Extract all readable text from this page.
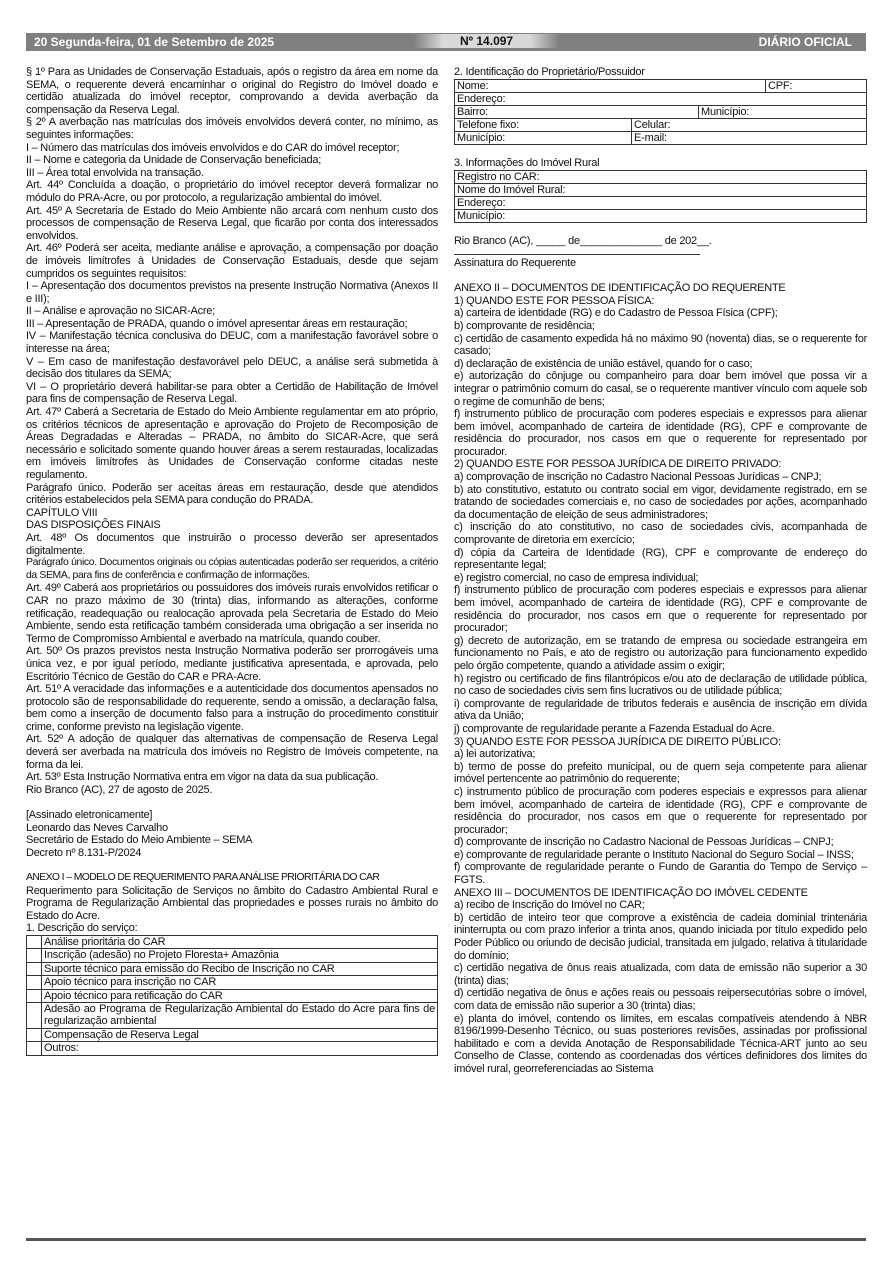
20 Segunda-feira, 01 de Setembro de 2025	Nº 14.097	DIÁRIO OFICIAL

§ 1º Para as Unidades de Conservação Estaduais, após o registro da área em nome da SEMA, o requerente deverá encaminhar o original do Registro do Imóvel doado e certidão atualizada do imóvel receptor, comprovando a devida averbação da compensação da Reserva Legal.

§ 2º A averbação nas matrículas dos imóveis envolvidos deverá conter, no mínimo, as seguintes informações:

I – Número das matrículas dos imóveis envolvidos e do CAR do imóvel receptor;

II – Nome e categoria da Unidade de Conservação beneficiada;

III – Área total envolvida na transação.

Art. 44º Concluída a doação, o proprietário do imóvel receptor deverá formalizar no módulo do PRA-Acre, ou por protocolo, a regularização ambiental do imóvel.

Art. 45º A Secretaria de Estado do Meio Ambiente não arcará com nenhum custo dos processos de compensação de Reserva Legal, que ficarão por conta dos interessados envolvidos.

Art. 46º Poderá ser aceita, mediante análise e aprovação, a compensação por doação de imóveis limítrofes à Unidades de Conservação Estaduais, desde que sejam cumpridos os seguintes requisitos:

I – Apresentação dos documentos previstos na presente Instrução Normativa (Anexos II e III);

II – Análise e aprovação no SICAR-Acre;

III – Apresentação de PRADA, quando o imóvel apresentar áreas em restauração;

IV – Manifestação técnica conclusiva do DEUC, com a manifestação favorável sobre o interesse na área;

V – Em caso de manifestação desfavorável pelo DEUC, a análise será submetida à decisão dos titulares da SEMA;

VI – O proprietário deverá habilitar-se para obter a Certidão de Habilitação de Imóvel para fins de compensação de Reserva Legal.

Art. 47º Caberá a Secretaria de Estado do Meio Ambiente regulamentar em ato próprio, os critérios técnicos de apresentação e aprovação do Projeto de Recomposição de Áreas Degradadas e Alteradas – PRADA, no âmbito do SICAR-Acre, que será necessário e solicitado somente quando houver áreas a serem restauradas, localizadas em imóveis limítrofes às Unidades de Conservação conforme citadas neste regulamento.

Parágrafo único. Poderão ser aceitas áreas em restauração, desde que atendidos critérios estabelecidos pela SEMA para condução do PRADA.

CAPÍTULO VIII

DAS DISPOSIÇÕES FINAIS

Art. 48º Os documentos que instruirão o processo deverão ser apresentados digitalmente.

Parágrafo único. Documentos originais ou cópias autenticadas poderão ser requeridos, a critério da SEMA, para fins de conferência e confirmação de informações.

Art. 49º Caberá aos proprietários ou possuidores dos imóveis rurais envolvidos retificar o CAR no prazo máximo de 30 (trinta) dias, informando as alterações, conforme retificação, readequação ou realocação aprovada pela Secretaria de Estado do Meio Ambiente, sendo esta retificação também considerada uma obrigação a ser inserida no Termo de Compromisso Ambiental e averbado na matrícula, quando couber.

Art. 50º Os prazos previstos nesta Instrução Normativa poderão ser prorrogáveis uma única vez, e por igual período, mediante justificativa apresentada, e aprovada, pelo Escritório Técnico de Gestão do CAR e PRA-Acre.

Art. 51º A veracidade das informações e a autenticidade dos documentos apensados no protocolo são de responsabilidade do requerente, sendo a omissão, a declaração falsa, bem como a inserção de documento falso para a instrução do procedimento constituir crime, conforme previsto na legislação vigente.

Art. 52º A adoção de qualquer das alternativas de compensação de Reserva Legal deverá ser averbada na matrícula dos imóveis no Registro de Imóveis competente, na forma da lei.

Art. 53º Esta Instrução Normativa entra em vigor na data da sua publicação.

Rio Branco (AC), 27 de agosto de 2025.

[Assinado eletronicamente]

Leonardo das Neves Carvalho

Secretário de Estado do Meio Ambiente – SEMA

Decreto nº 8.131-P/2024

ANEXO I – MODELO DE REQUERIMENTO PARA ANÁLISE PRIORITÁRIA DO CAR

Requerimento para Solicitação de Serviços no âmbito do Cadastro Ambiental Rural e Programa de Regularização Ambiental das propriedades e posses rurais no âmbito do Estado do Acre.

1. Descrição do serviço:

	Análise prioritária do CAR
	Inscrição (adesão) no Projeto Floresta+ Amazônia
	Suporte técnico para emissão do Recibo de Inscrição no CAR
	Apoio técnico para inscrição no CAR
	Apoio técnico para retificação do CAR
	Adesão ao Programa de Regularização Ambiental do Estado do Acre para fins de regularização ambiental
	Compensação de Reserva Legal
	Outros:

2. Identificação do Proprietário/Possuidor

Nome:			CPF:
Endereço:			
Bairro:		Município:	
Telefone fixo:	Celular:		
Município:	E-mail:		

3. Informações do Imóvel Rural

Registro no CAR:
Nome do Imóvel Rural:
Endereço:
Município:

Rio Branco (AC), _____ de______________ de 202__.

Assinatura do Requerente

ANEXO II – DOCUMENTOS DE IDENTIFICAÇÃO DO REQUERENTE

1) QUANDO ESTE FOR PESSOA FÍSICA:

a) carteira de identidade (RG) e do Cadastro de Pessoa Física (CPF);

b) comprovante de residência;

c) certidão de casamento expedida há no máximo 90 (noventa) dias, se o requerente for casado;

d) declaração de existência de união estável, quando for o caso;

e) autorização do cônjuge ou companheiro para doar bem imóvel que possa vir a integrar o patrimônio comum do casal, se o requerente mantiver vínculo com aquele sob o regime de comunhão de bens;

f) instrumento público de procuração com poderes especiais e expressos para alienar bem imóvel, acompanhado de carteira de identidade (RG), CPF e comprovante de residência do procurador, nos casos em que o requerente for representado por procurador.

2) QUANDO ESTE FOR PESSOA JURÍDICA DE DIREITO PRIVADO:

a) comprovação de inscrição no Cadastro Nacional Pessoas Jurídicas – CNPJ;

b) ato constitutivo, estatuto ou contrato social em vigor, devidamente registrado, em se tratando de sociedades comerciais e, no caso de sociedades por ações, acompanhado da documentação de eleição de seus administradores;

c) inscrição do ato constitutivo, no caso de sociedades civis, acompanhada de comprovante de diretoria em exercício;

d) cópia da Carteira de Identidade (RG), CPF e comprovante de endereço do representante legal;

e) registro comercial, no caso de empresa individual;

f) instrumento público de procuração com poderes especiais e expressos para alienar bem imóvel, acompanhado de carteira de identidade (RG), CPF e comprovante de residência do procurador, nos casos em que o requerente for representado por procurador;

g) decreto de autorização, em se tratando de empresa ou sociedade estrangeira em funcionamento no País, e ato de registro ou autorização para funcionamento expedido pelo órgão competente, quando a atividade assim o exigir;

h) registro ou certificado de fins filantrópicos e/ou ato de declaração de utilidade pública, no caso de sociedades civis sem fins lucrativos ou de utilidade pública;

i) comprovante de regularidade de tributos federais e ausência de inscrição em dívida ativa da União;

j) comprovante de regularidade perante a Fazenda Estadual do Acre.

3) QUANDO ESTE FOR PESSOA JURÍDICA DE DIREITO PÚBLICO:

a) lei autorizativa;

b) termo de posse do prefeito municipal, ou de quem seja competente para alienar imóvel pertencente ao patrimônio do requerente;

c) instrumento público de procuração com poderes especiais e expressos para alienar bem imóvel, acompanhado de carteira de identidade (RG), CPF e comprovante de residência do procurador, nos casos em que o requerente for representado por procurador;

d) comprovante de inscrição no Cadastro Nacional de Pessoas Jurídicas – CNPJ;

e) comprovante de regularidade perante o Instituto Nacional do Seguro Social – INSS;

f) comprovante de regularidade perante o Fundo de Garantia do Tempo de Serviço – FGTS.

ANEXO III – DOCUMENTOS DE IDENTIFICAÇÃO DO IMÓVEL CEDENTE

a) recibo de Inscrição do Imóvel no CAR;

b) certidão de inteiro teor que comprove a existência de cadeia dominial trintenária ininterrupta ou com prazo inferior a trinta anos, quando iniciada por título expedido pelo Poder Público ou oriundo de decisão judicial, transitada em julgado, relativa à titularidade do domínio;

c) certidão negativa de ônus reais atualizada, com data de emissão não superior a 30 (trinta) dias;

d) certidão negativa de ônus e ações reais ou pessoais reipersecutórias sobre o imóvel, com data de emissão não superior a 30 (trinta) dias;

e) planta do imóvel, contendo os limites, em escalas compatíveis atendendo à NBR 8196/1999-Desenho Técnico, ou suas posteriores revisões, assinadas por profissional habilitado e com a devida Anotação de Responsabilidade Técnica-ART junto ao seu Conselho de Classe, contendo as coordenadas dos vértices definidores dos limites do imóvel rural, georreferenciadas ao Sistema
